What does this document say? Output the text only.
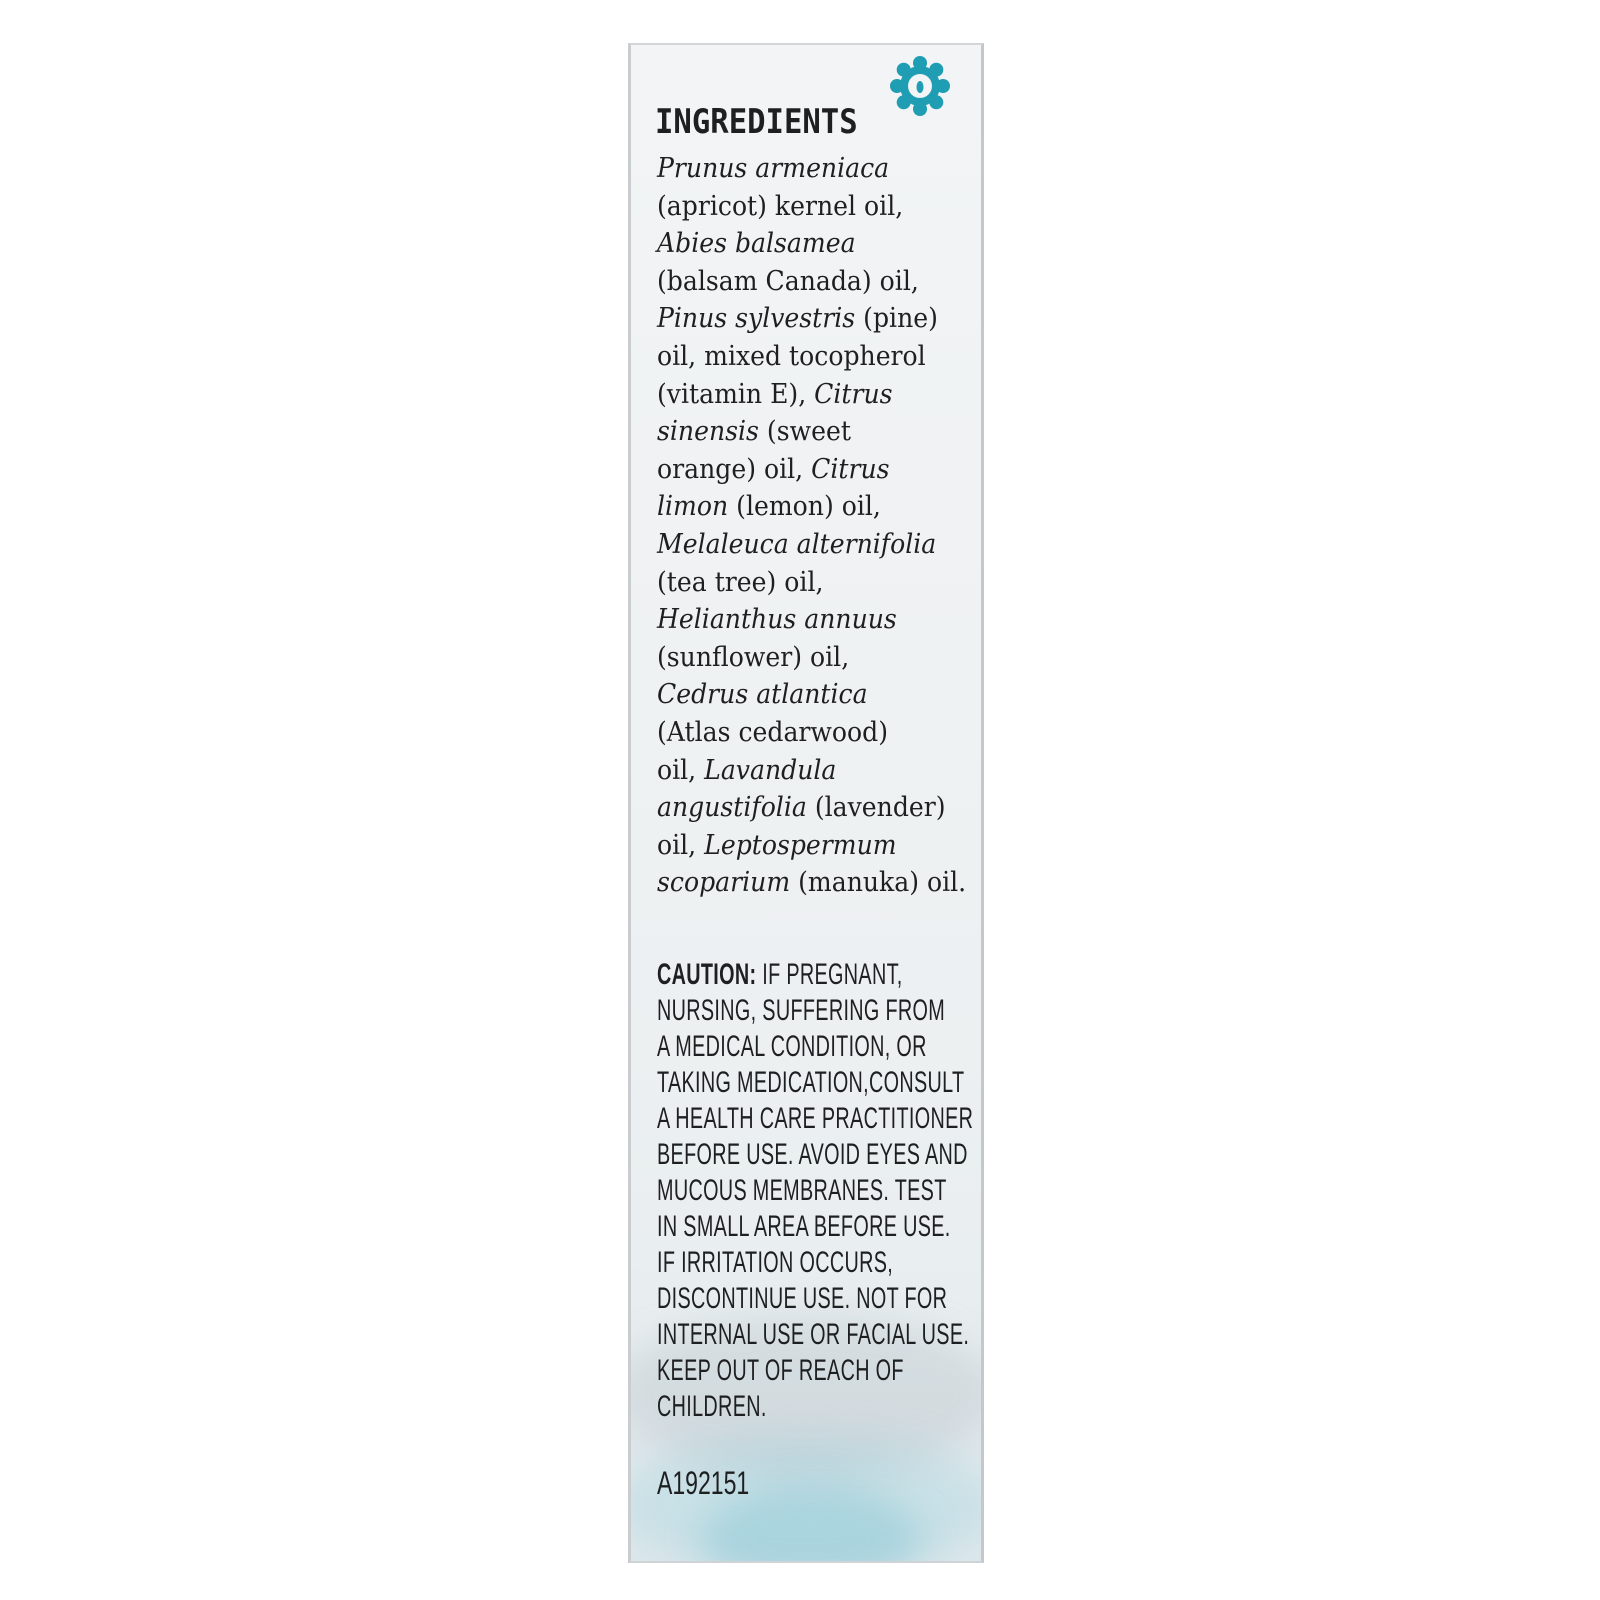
INGREDIENTS
Prunus armeniaca
(apricot) kernel oil,
Abies balsamea
(balsam Canada) oil,
Pinus sylvestris (pine)
oil, mixed tocopherol
(vitamin E), Citrus
sinensis (sweet
orange) oil, Citrus
limon (lemon) oil,
Melaleuca alternifolia
(tea tree) oil,
Helianthus annuus
(sunflower) oil,
Cedrus atlantica
(Atlas cedarwood)
oil, Lavandula
angustifolia (lavender)
oil, Leptospermum
scoparium (manuka) oil.
CAUTION: IF PREGNANT,
NURSING, SUFFERING FROM
A MEDICAL CONDITION, OR
TAKING MEDICATION,CONSULT
A HEALTH CARE PRACTITIONER
BEFORE USE. AVOID EYES AND
MUCOUS MEMBRANES. TEST
IN SMALL AREA BEFORE USE.
IF IRRITATION OCCURS,
DISCONTINUE USE. NOT FOR
INTERNAL USE OR FACIAL USE.
KEEP OUT OF REACH OF
CHILDREN.
A192151
